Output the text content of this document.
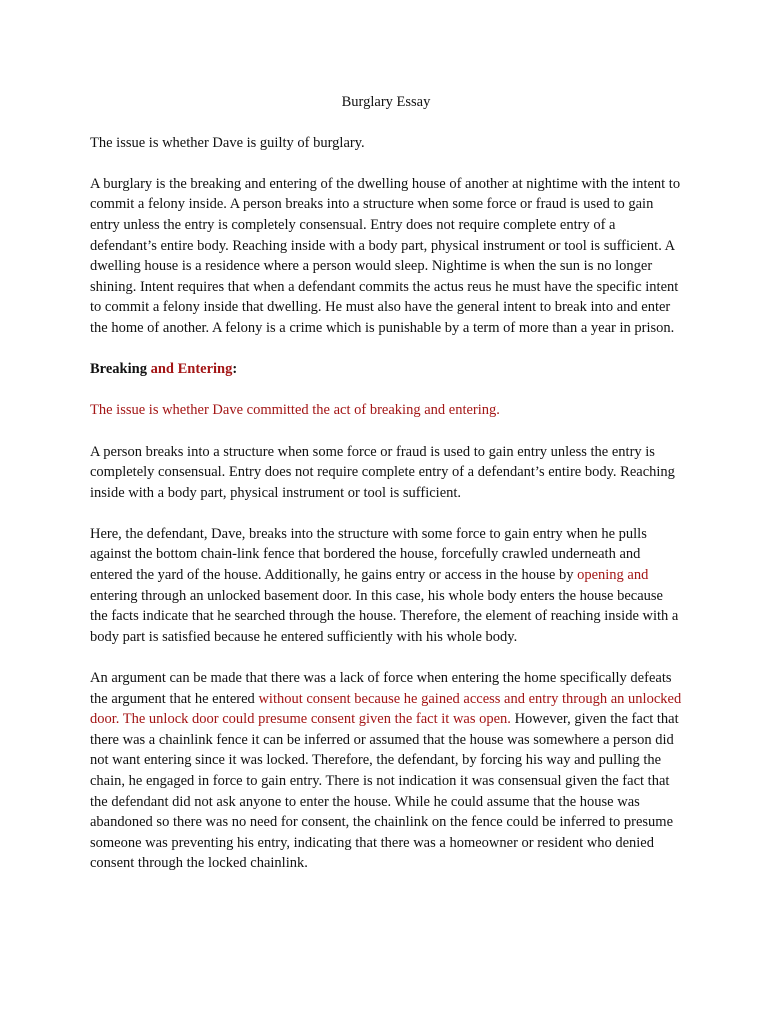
Burglary Essay

The issue is whether Dave is guilty of burglary.

A burglary is the breaking and entering of the dwelling house of another at nightime with the intent to commit a felony inside. A person breaks into a structure when some force or fraud is used to gain entry unless the entry is completely consensual. Entry does not require complete entry of a defendant’s entire body. Reaching inside with a body part, physical instrument or tool is sufficient. A dwelling house is a residence where a person would sleep. Nightime is when the sun is no longer shining. Intent requires that when a defendant commits the actus reus he must have the specific intent to commit a felony inside that dwelling. He must also have the general intent to break into and enter the home of another. A felony is a crime which is punishable by a term of more than a year in prison.

Breaking and Entering:

The issue is whether Dave committed the act of breaking and entering.

A person breaks into a structure when some force or fraud is used to gain entry unless the entry is completely consensual. Entry does not require complete entry of a defendant’s entire body. Reaching inside with a body part, physical instrument or tool is sufficient.

Here, the defendant, Dave, breaks into the structure with some force to gain entry when he pulls against the bottom chain-link fence that bordered the house, forcefully crawled underneath and entered the yard of the house. Additionally, he gains entry or access in the house by opening and entering through an unlocked basement door. In this case, his whole body enters the house because the facts indicate that he searched through the house. Therefore, the element of reaching inside with a body part is satisfied because he entered sufficiently with his whole body.

An argument can be made that there was a lack of force when entering the home specifically defeats the argument that he entered without consent because he gained access and entry through an unlocked door. The unlock door could presume consent given the fact it was open. However, given the fact that there was a chainlink fence it can be inferred or assumed that the house was somewhere a person did not want entering since it was locked. Therefore, the defendant, by forcing his way and pulling the chain, he engaged in force to gain entry. There is not indication it was consensual given the fact that the defendant did not ask anyone to enter the house. While he could assume that the house was abandoned so there was no need for consent, the chainlink on the fence could be inferred to presume someone was preventing his entry, indicating that there was a homeowner or resident who denied consent through the locked chainlink.
